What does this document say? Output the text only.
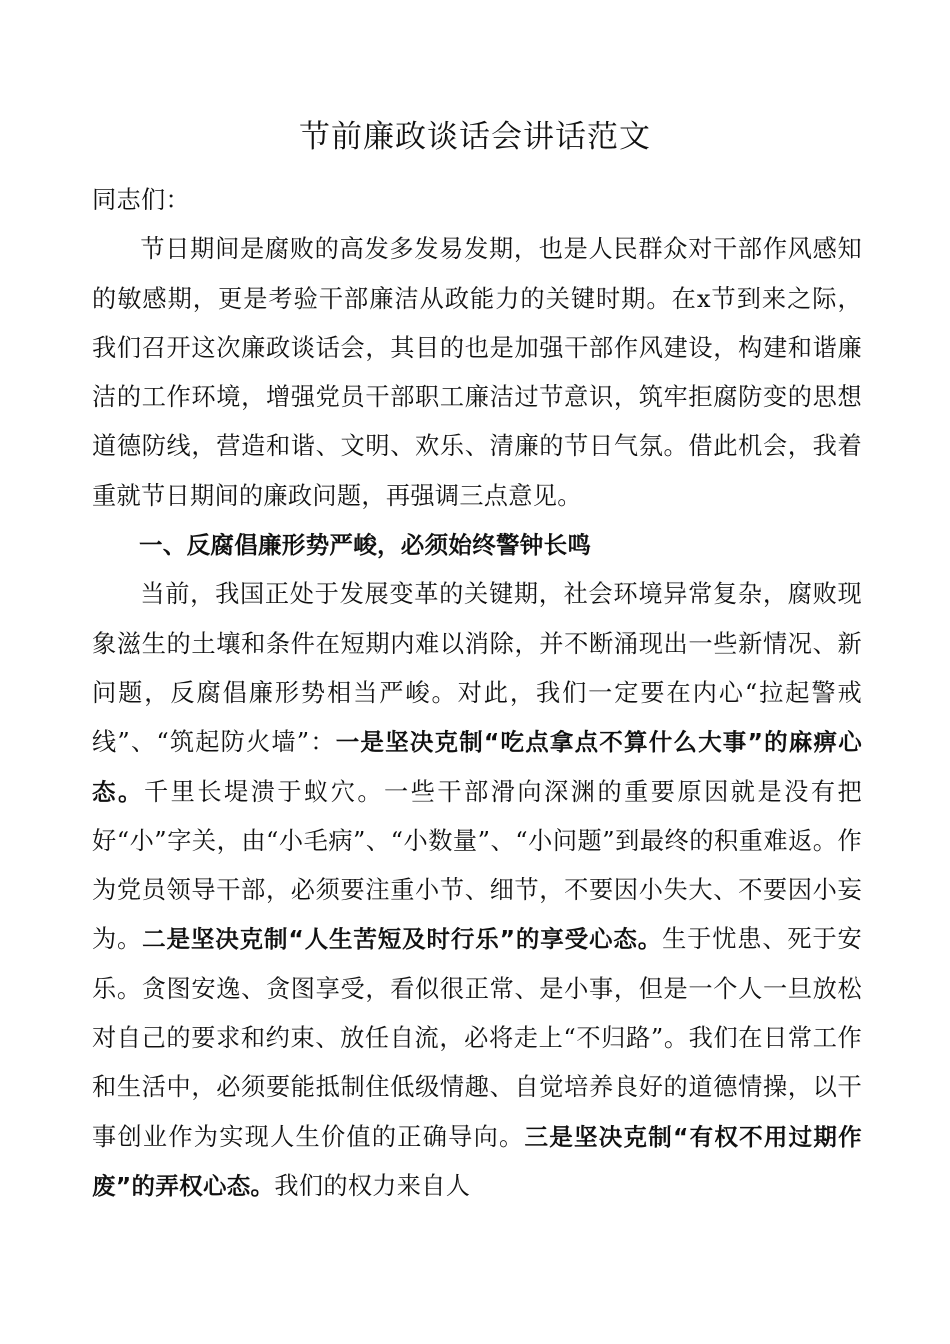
节前廉政谈话会讲话范文

同志们：

节日期间是腐败的高发多发易发期，也是人民群众对干部作风感知的敏感期，更是考验干部廉洁从政能力的关键时期。在x节到来之际，我们召开这次廉政谈话会，其目的也是加强干部作风建设，构建和谐廉洁的工作环境，增强党员干部职工廉洁过节意识，筑牢拒腐防变的思想道德防线，营造和谐、文明、欢乐、清廉的节日气氛。借此机会，我着重就节日期间的廉政问题，再强调三点意见。

一、反腐倡廉形势严峻，必须始终警钟长鸣

当前，我国正处于发展变革的关键期，社会环境异常复杂，腐败现象滋生的土壤和条件在短期内难以消除，并不断涌现出一些新情况、新问题，反腐倡廉形势相当严峻。对此，我们一定要在内心“拉起警戒线”、“筑起防火墙”：一是坚决克制“吃点拿点不算什么大事”的麻痹心态。千里长堤溃于蚁穴。一些干部滑向深渊的重要原因就是没有把好“小”字关，由“小毛病”、“小数量”、“小问题”到最终的积重难返。作为党员领导干部，必须要注重小节、细节，不要因小失大、不要因小妄为。二是坚决克制“人生苦短及时行乐”的享受心态。生于忧患、死于安乐。贪图安逸、贪图享受，看似很正常、是小事，但是一个人一旦放松对自己的要求和约束、放任自流，必将走上“不归路”。我们在日常工作和生活中，必须要能抵制住低级情趣、自觉培养良好的道德情操，以干事创业作为实现人生价值的正确导向。三是坚决克制“有权不用过期作废”的弄权心态。我们的权力来自人
